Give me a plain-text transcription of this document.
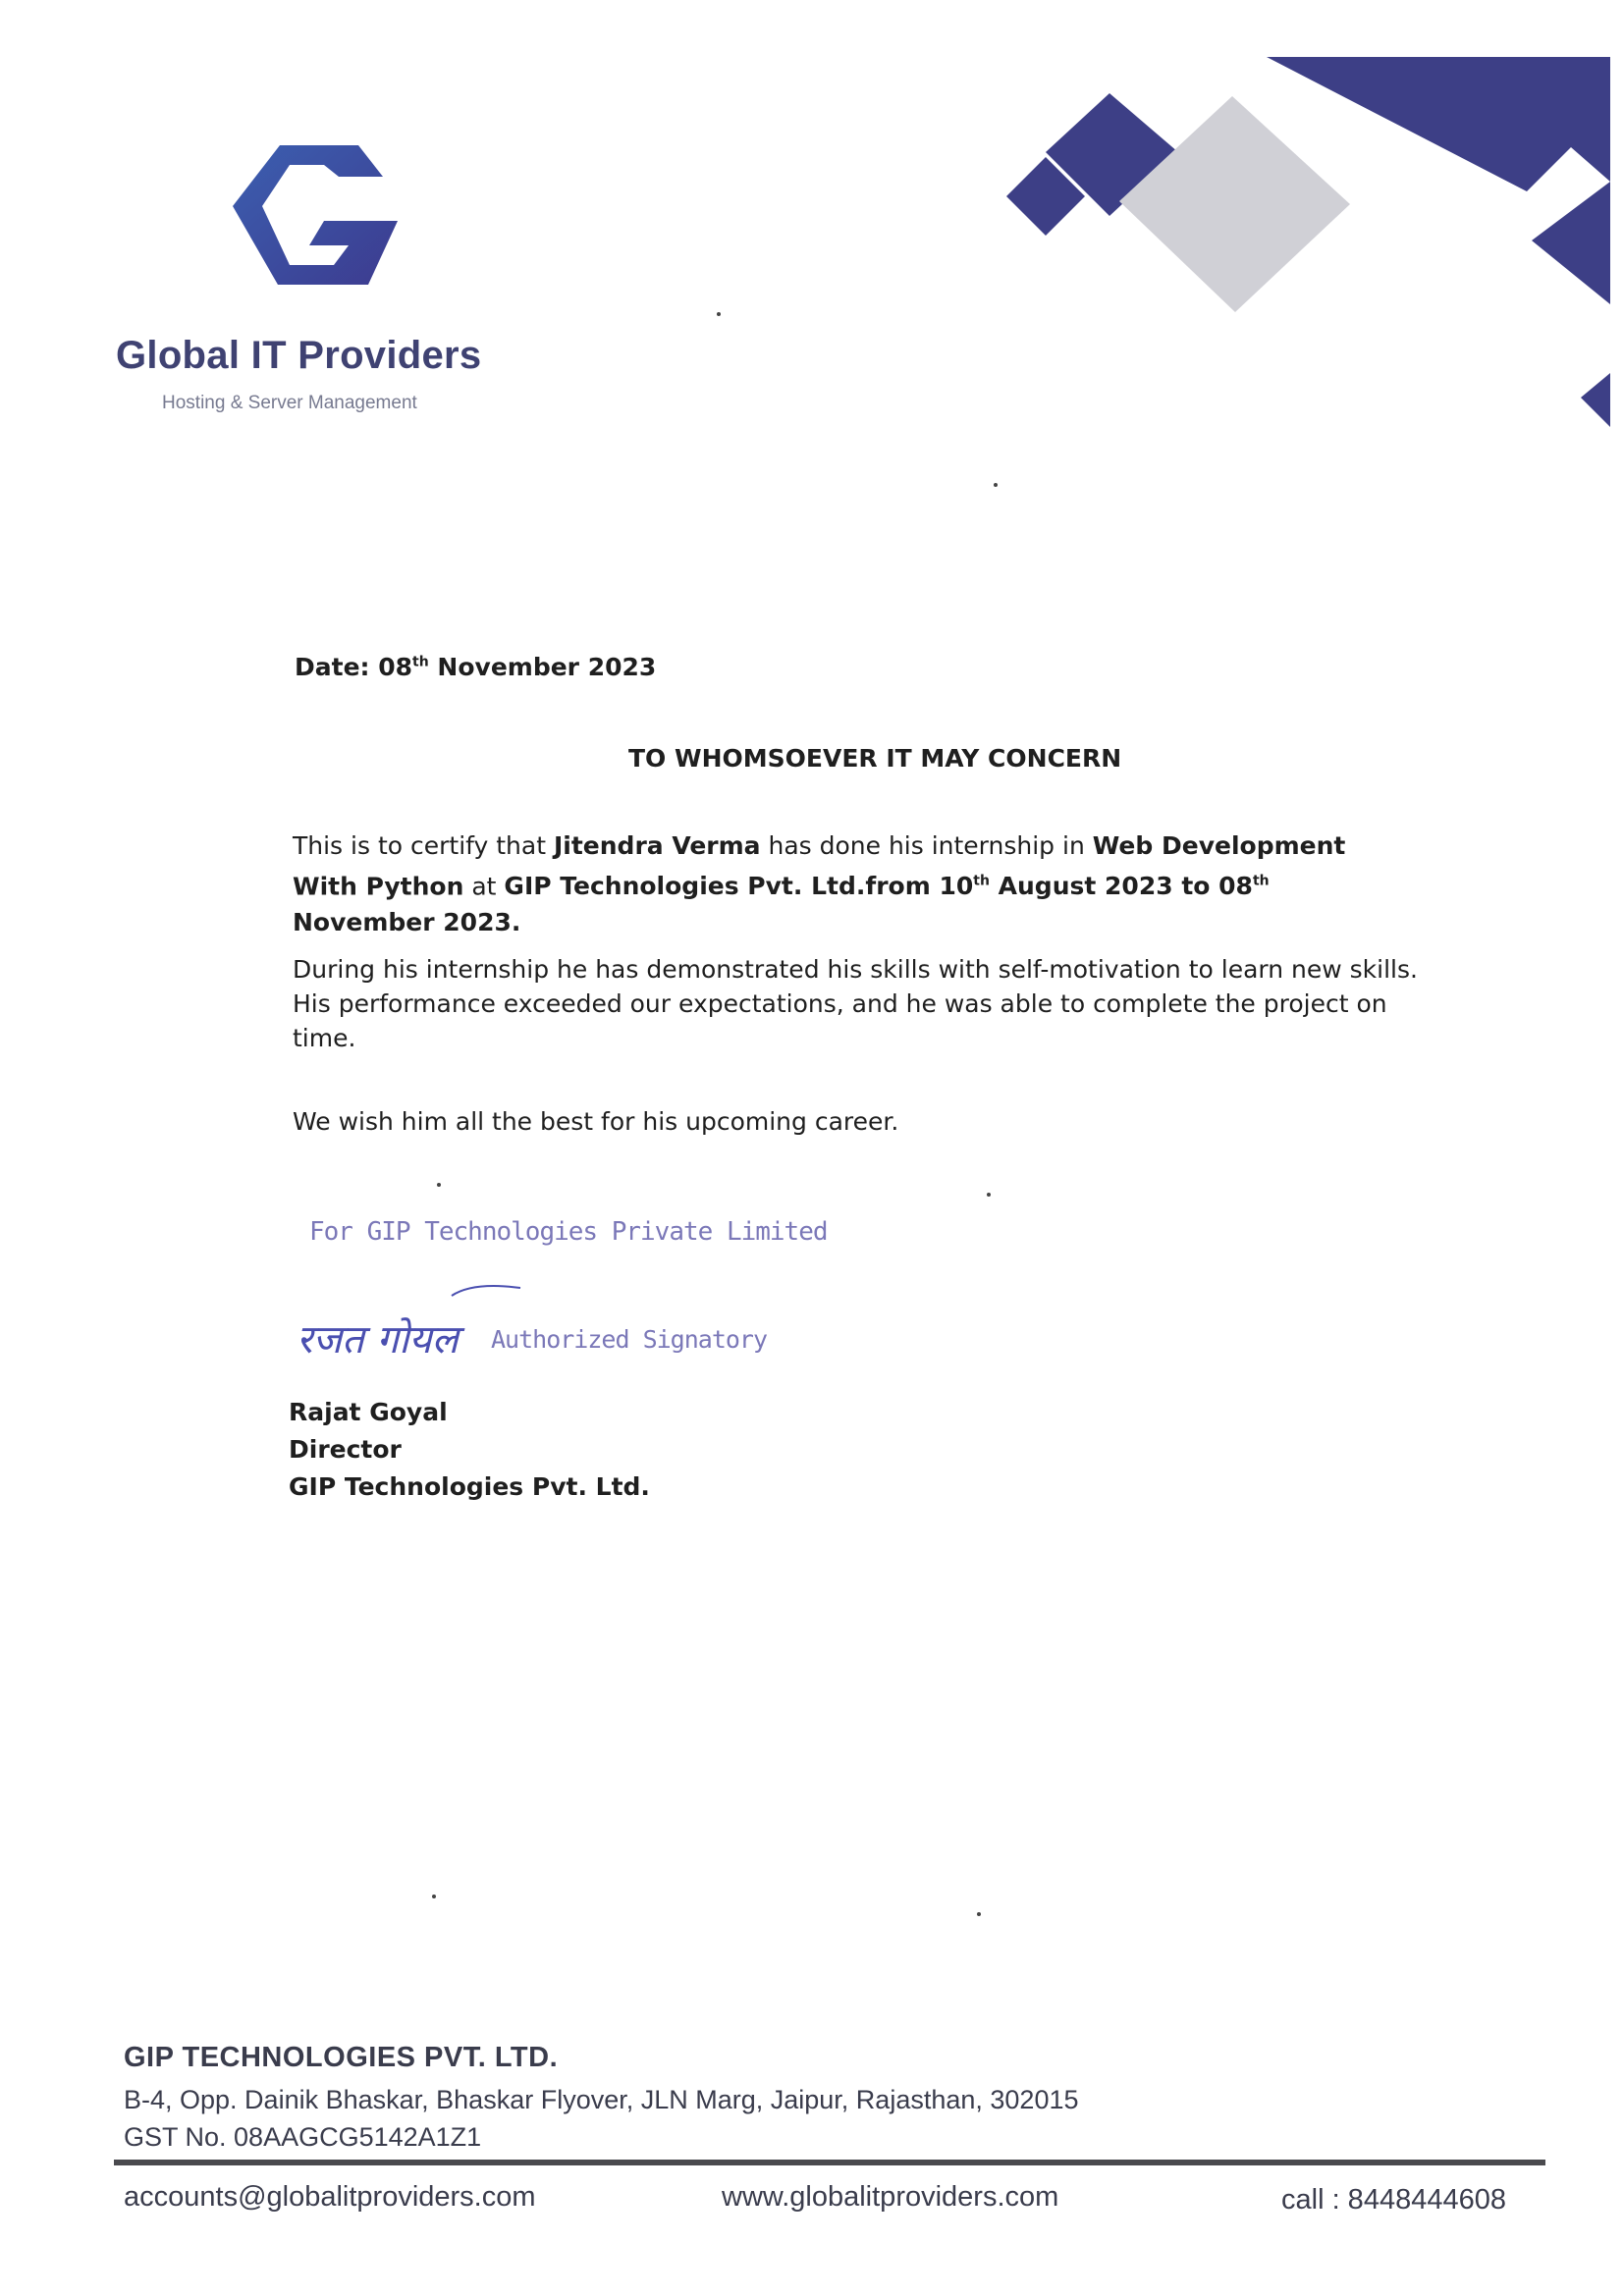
Global IT Providers
Hosting & Server Management
Date: 08th November 2023
TO WHOMSOEVER IT MAY CONCERN
This is to certify that Jitendra Verma has done his internship in Web Development With Python at GIP Technologies Pvt. Ltd.from 10th August 2023 to 08th November 2023.
During his internship he has demonstrated his skills with self-motivation to learn new skills. His performance exceeded our expectations, and he was able to complete the project on time.
We wish him all the best for his upcoming career.
For GIP Technologies Private Limited
रजत गोयल Authorized Signatory
Rajat Goyal
Director
GIP Technologies Pvt. Ltd.
GIP TECHNOLOGIES PVT. LTD.
B-4, Opp. Dainik Bhaskar, Bhaskar Flyover, JLN Marg, Jaipur, Rajasthan, 302015
GST No. 08AAGCG5142A1Z1
accounts@globalitproviders.com	www.globalitproviders.com	call : 8448444608
